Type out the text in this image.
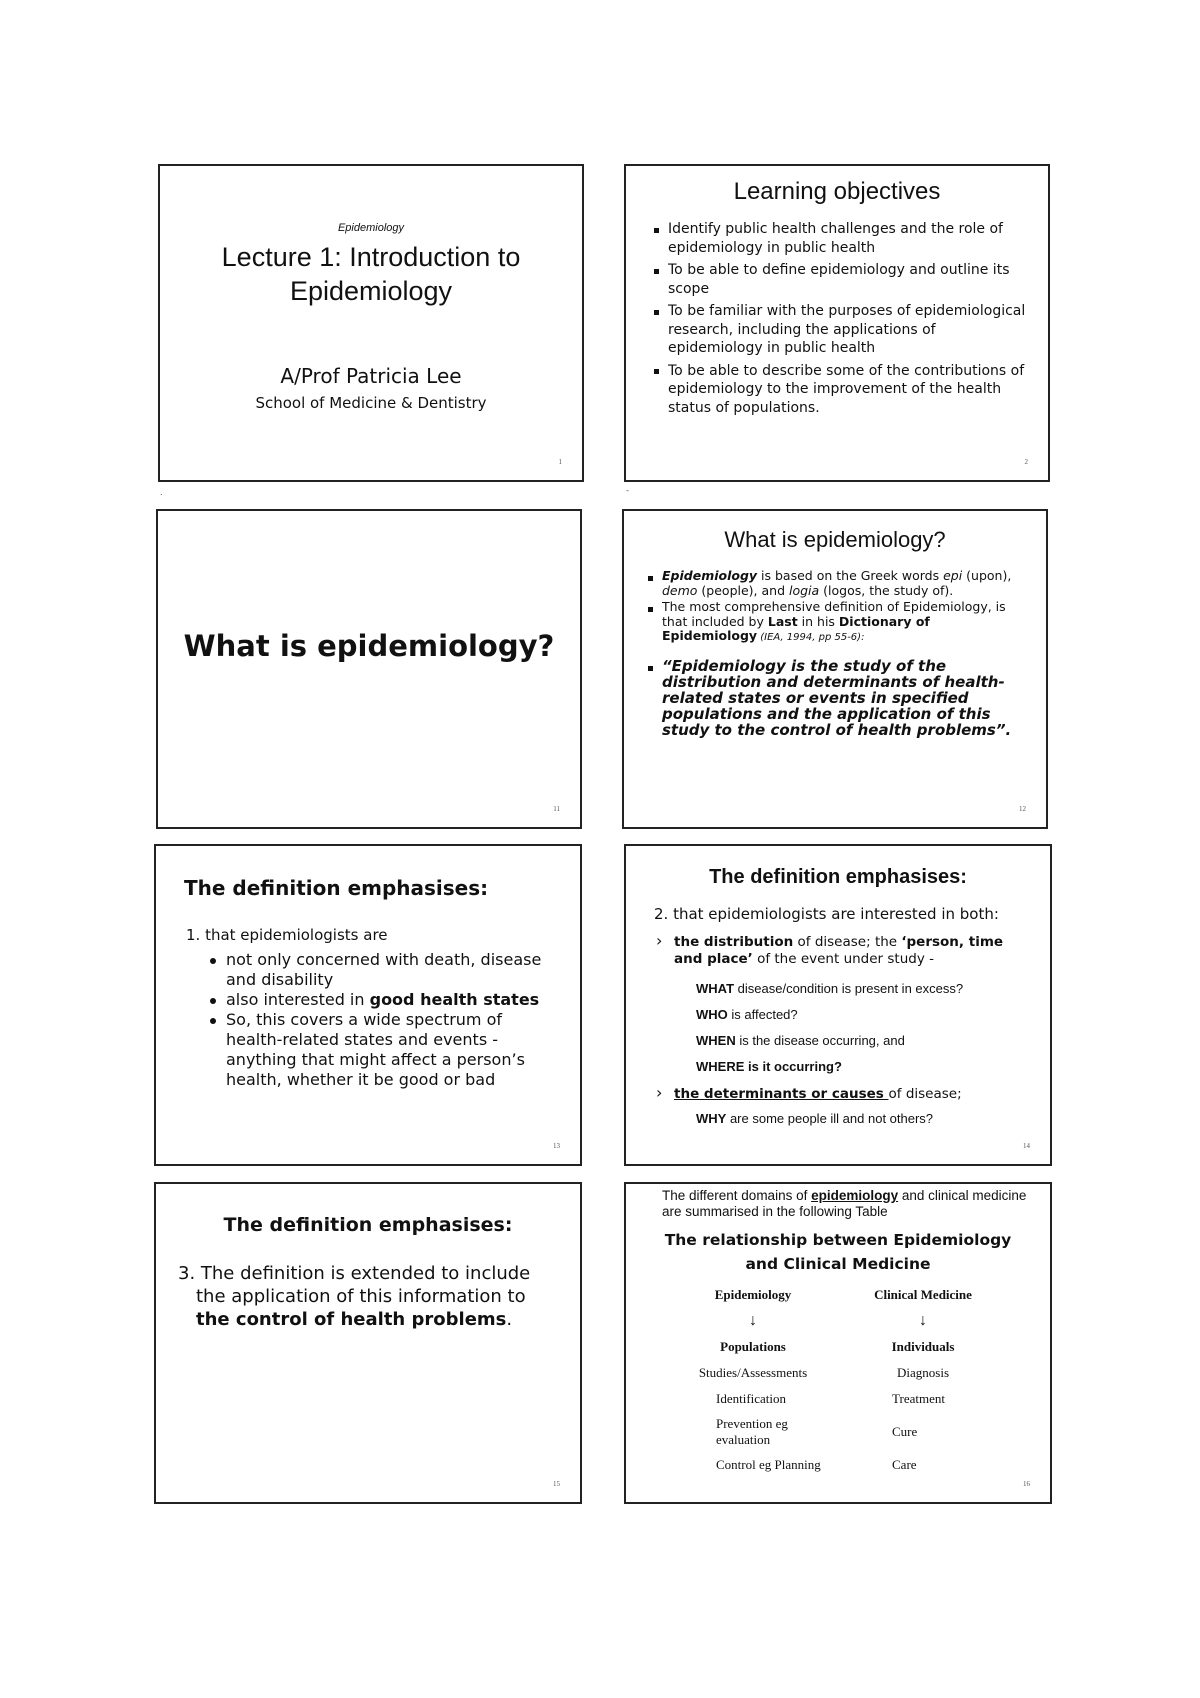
Epidemiology
Lecture 1: Introduction to
Epidemiology
A/Prof Patricia Lee
School of Medicine & Dentistry
1
Learning objectives
Identify public health challenges and the role of epidemiology in public health
To be able to define epidemiology and outline its scope
To be familiar with the purposes of epidemiological research, including the applications of epidemiology in public health
To be able to describe some of the contributions of epidemiology to the improvement of the health status of populations.
2
.	-
What is epidemiology?
11
What is epidemiology?
Epidemiology is based on the Greek words epi (upon), demo (people), and logia (logos, the study of).
The most comprehensive definition of Epidemiology, is that included by Last in his Dictionary of Epidemiology (IEA, 1994, pp 55-6):
“Epidemiology is the study of the distribution and determinants of health-related states or events in specified populations and the application of this study to the control of health problems”.
12
The definition emphasises:
1. that epidemiologists are
not only concerned with death, disease and disability
also interested in good health states
So, this covers a wide spectrum of health-related states and events - anything that might affect a person’s health, whether it be good or bad
13
The definition emphasises:
2. that epidemiologists are interested in both:
› the distribution of disease; the ‘person, time and place’ of the event under study -
WHAT disease/condition is present in excess?
WHO is affected?
WHEN is the disease occurring, and
WHERE is it occurring?
› the determinants or causes of disease;
WHY are some people ill and not others?
14
The definition emphasises:
3. The definition is extended to include the application of this information to the control of health problems.
15
The different domains of epidemiology and clinical medicine are summarised in the following Table
The relationship between Epidemiology and Clinical Medicine
Epidemiology	Clinical Medicine
↓	↓
Populations	Individuals
Studies/Assessments	Diagnosis
Identification	Treatment
Prevention eg evaluation	Cure
Control eg Planning	Care
16
